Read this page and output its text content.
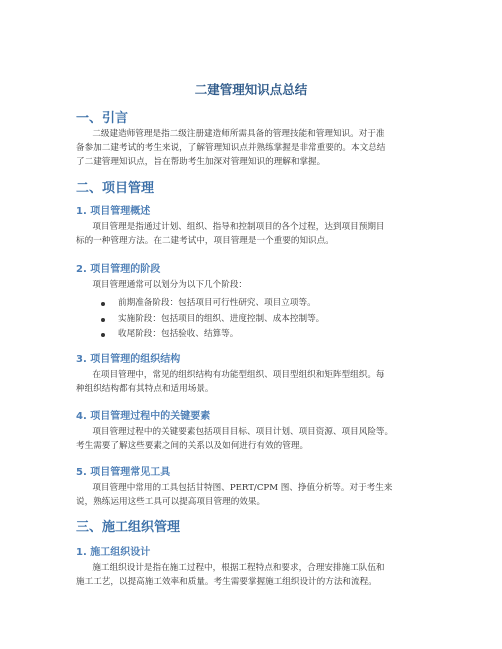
二建管理知识点总结
一、引言
二级建造师管理是指二级注册建造师所需具备的管理技能和管理知识。对于准
备参加二建考试的考生来说，了解管理知识点并熟练掌握是非常重要的。本文总结
了二建管理知识点，旨在帮助考生加深对管理知识的理解和掌握。
二、项目管理
1. 项目管理概述
项目管理是指通过计划、组织、指导和控制项目的各个过程，达到项目预期目
标的一种管理方法。在二建考试中，项目管理是一个重要的知识点。
2. 项目管理的阶段
项目管理通常可以划分为以下几个阶段：
前期准备阶段：包括项目可行性研究、项目立项等。
实施阶段：包括项目的组织、进度控制、成本控制等。
收尾阶段：包括验收、结算等。
3. 项目管理的组织结构
在项目管理中，常见的组织结构有功能型组织、项目型组织和矩阵型组织。每
种组织结构都有其特点和适用场景。
4. 项目管理过程中的关键要素
项目管理过程中的关键要素包括项目目标、项目计划、项目资源、项目风险等。
考生需要了解这些要素之间的关系以及如何进行有效的管理。
5. 项目管理常见工具
项目管理中常用的工具包括甘特图、PERT/CPM 图、挣值分析等。对于考生来
说，熟练运用这些工具可以提高项目管理的效果。
三、施工组织管理
1. 施工组织设计
施工组织设计是指在施工过程中，根据工程特点和要求，合理安排施工队伍和
施工工艺，以提高施工效率和质量。考生需要掌握施工组织设计的方法和流程。
